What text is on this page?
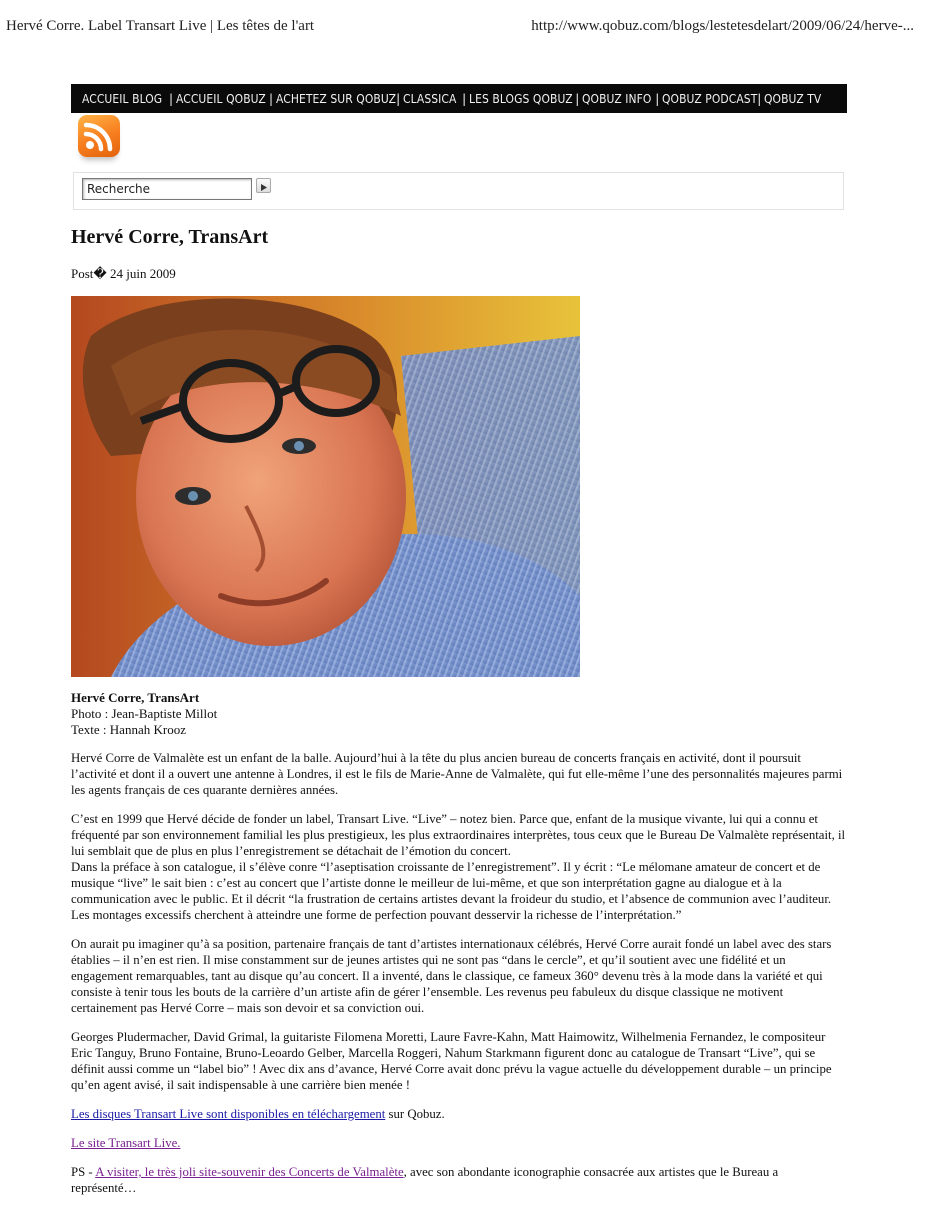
Hervé Corre. Label Transart Live | Les têtes de l'art	http://www.qobuz.com/blogs/lestetesdelart/2009/06/24/herve-...
ACCUEIL BLOG | ACCUEIL QOBUZ | ACHETEZ SUR QOBUZ | CLASSICA | LES BLOGS QOBUZ | QOBUZ INFO | QOBUZ PODCAST | QOBUZ TV
Recherche
Hervé Corre, TransArt
Post� 24 juin 2009
Hervé Corre, TransArt
Photo : Jean-Baptiste Millot
Texte : Hannah Krooz

Hervé Corre de Valmalète est un enfant de la balle. Aujourd’hui à la tête du plus ancien bureau de concerts français en activité, dont il poursuit l’activité et dont il a ouvert une antenne à Londres, il est le fils de Marie-Anne de Valmalète, qui fut elle-même l’une des personnalités majeures parmi les agents français de ces quarante dernières années.

C’est en 1999 que Hervé décide de fonder un label, Transart Live. “Live” – notez bien. Parce que, enfant de la musique vivante, lui qui a connu et fréquenté par son environnement familial les plus prestigieux, les plus extraordinaires interprètes, tous ceux que le Bureau De Valmalète représentait, il lui semblait que de plus en plus l’enregistrement se détachait de l’émotion du concert.
Dans la préface à son catalogue, il s’élève conre “l’aseptisation croissante de l’enregistrement”. Il y écrit : “Le mélomane amateur de concert et de musique “live” le sait bien : c’est au concert que l’artiste donne le meilleur de lui-même, et que son interprétation gagne au dialogue et à la communication avec le public. Et il décrit “la frustration de certains artistes devant la froideur du studio, et l’absence de communion avec l’auditeur. Les montages excessifs cherchent à atteindre une forme de perfection pouvant desservir la richesse de l’interprétation.”

On aurait pu imaginer qu’à sa position, partenaire français de tant d’artistes internationaux célébrés, Hervé Corre aurait fondé un label avec des stars établies – il n’en est rien. Il mise constamment sur de jeunes artistes qui ne sont pas “dans le cercle”, et qu’il soutient avec une fidélité et un engagement remarquables, tant au disque qu’au concert. Il a inventé, dans le classique, ce fameux 360° devenu très à la mode dans la variété et qui consiste à tenir tous les bouts de la carrière d’un artiste afin de gérer l’ensemble. Les revenus peu fabuleux du disque classique ne motivent certainement pas Hervé Corre – mais son devoir et sa conviction oui.

Georges Pludermacher, David Grimal, la guitariste Filomena Moretti, Laure Favre-Kahn, Matt Haimowitz, Wilhelmenia Fernandez, le compositeur Eric Tanguy, Bruno Fontaine, Bruno-Leoardo Gelber, Marcella Roggeri, Nahum Starkmann figurent donc au catalogue de Transart “Live”, qui se définit aussi comme un “label bio” ! Avec dix ans d’avance, Hervé Corre avait donc prévu la vague actuelle du développement durable – un principe qu’en agent avisé, il sait indispensable à une carrière bien menée !

Les disques Transart Live sont disponibles en téléchargement sur Qobuz.

Le site Transart Live.

PS - A visiter, le très joli site-souvenir des Concerts de Valmalète, avec son abondante iconographie consacrée aux artistes que le Bureau a représenté…
